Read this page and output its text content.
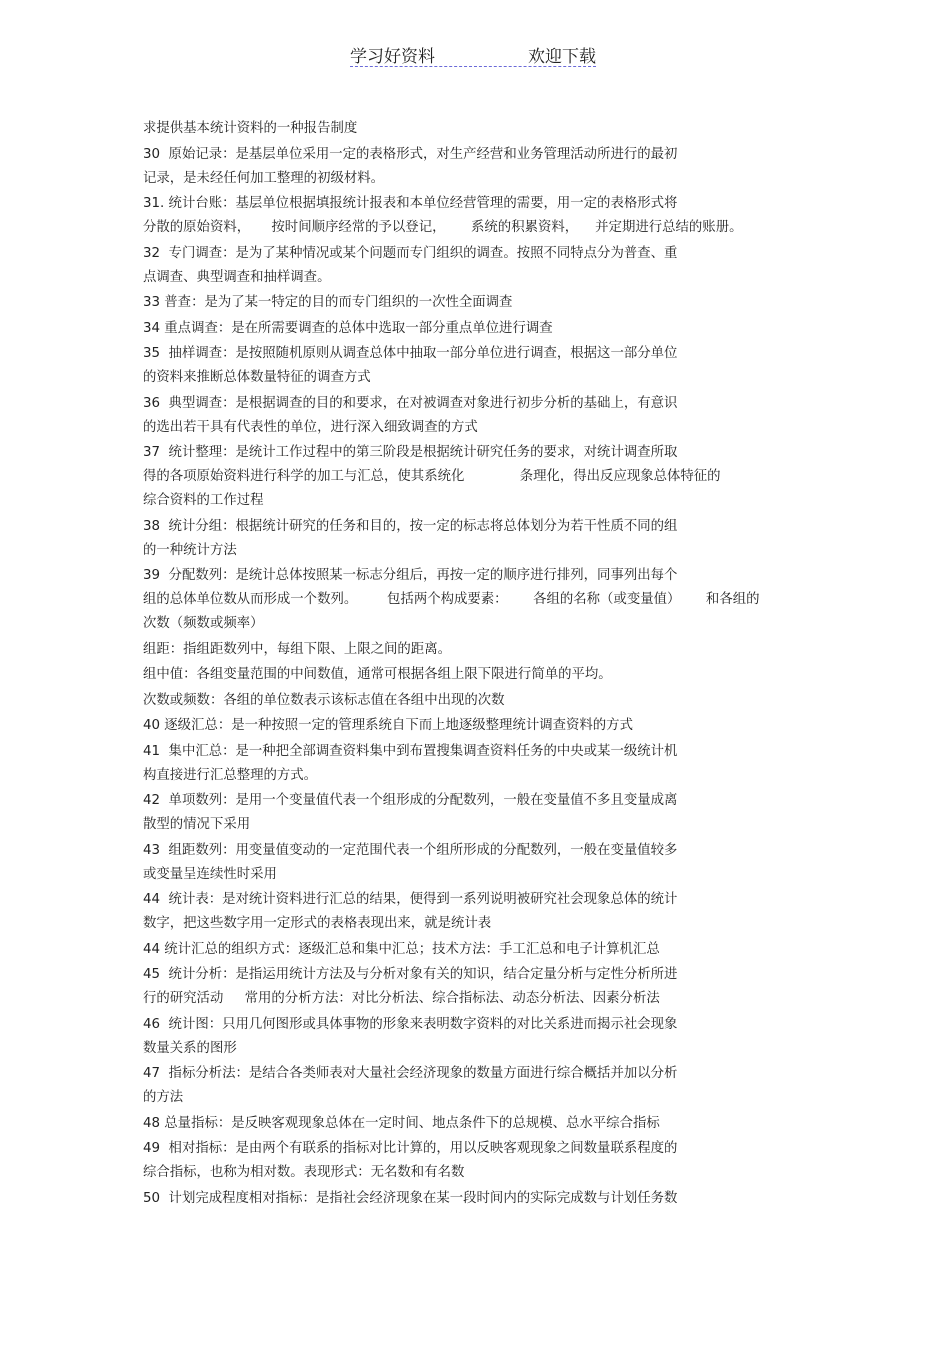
学习好资料	欢迎下载
求提供基本统计资料的一种报告制度
30  原始记录：是基层单位采用一定的表格形式，对生产经营和业务管理活动所进行的最初
记录，是未经任何加工整理的初级材料。
31. 统计台账：基层单位根据填报统计报表和本单位经营管理的需要，用一定的表格形式将
分散的原始资料，     按时间顺序经常的予以登记，      系统的积累资料，    并定期进行总结的账册。
32  专门调查：是为了某种情况或某个问题而专门组织的调查。按照不同特点分为普查、重
点调查、典型调查和抽样调查。
33 普查：是为了某一特定的目的而专门组织的一次性全面调查
34 重点调查：是在所需要调查的总体中选取一部分重点单位进行调查
35  抽样调查：是按照随机原则从调查总体中抽取一部分单位进行调查，根据这一部分单位
的资料来推断总体数量特征的调查方式
36  典型调查：是根据调查的目的和要求，在对被调查对象进行初步分析的基础上，有意识
的选出若干具有代表性的单位，进行深入细致调查的方式
37  统计整理：是统计工作过程中的第三阶段是根据统计研究任务的要求，对统计调查所取
得的各项原始资料进行科学的加工与汇总，使其系统化             条理化，得出反应现象总体特征的
综合资料的工作过程
38  统计分组：根据统计研究的任务和目的，按一定的标志将总体划分为若干性质不同的组
的一种统计方法
39  分配数列：是统计总体按照某一标志分组后，再按一定的顺序进行排列，同事列出每个
组的总体单位数从而形成一个数列。       包括两个构成要素：      各组的名称（或变量值）      和各组的
次数（频数或频率）
组距：指组距数列中，每组下限、上限之间的距离。
组中值：各组变量范围的中间数值，通常可根据各组上限下限进行简单的平均。
次数或频数：各组的单位数表示该标志值在各组中出现的次数
40 逐级汇总：是一种按照一定的管理系统自下而上地逐级整理统计调查资料的方式
41  集中汇总：是一种把全部调查资料集中到布置搜集调查资料任务的中央或某一级统计机
构直接进行汇总整理的方式。
42  单项数列：是用一个变量值代表一个组形成的分配数列，一般在变量值不多且变量成离
散型的情况下采用
43  组距数列：用变量值变动的一定范围代表一个组所形成的分配数列，一般在变量值较多
或变量呈连续性时采用
44  统计表：是对统计资料进行汇总的结果，便得到一系列说明被研究社会现象总体的统计
数字，把这些数字用一定形式的表格表现出来，就是统计表
44 统计汇总的组织方式：逐级汇总和集中汇总；技术方法：手工汇总和电子计算机汇总
45  统计分析：是指运用统计方法及与分析对象有关的知识，结合定量分析与定性分析所进
行的研究活动     常用的分析方法：对比分析法、综合指标法、动态分析法、因素分析法
46  统计图：只用几何图形或具体事物的形象来表明数字资料的对比关系进而揭示社会现象
数量关系的图形
47  指标分析法：是结合各类师表对大量社会经济现象的数量方面进行综合概括并加以分析
的方法
48 总量指标：是反映客观现象总体在一定时间、地点条件下的总规模、总水平综合指标
49  相对指标：是由两个有联系的指标对比计算的，用以反映客观现象之间数量联系程度的
综合指标，也称为相对数。表现形式：无名数和有名数
50  计划完成程度相对指标：是指社会经济现象在某一段时间内的实际完成数与计划任务数
